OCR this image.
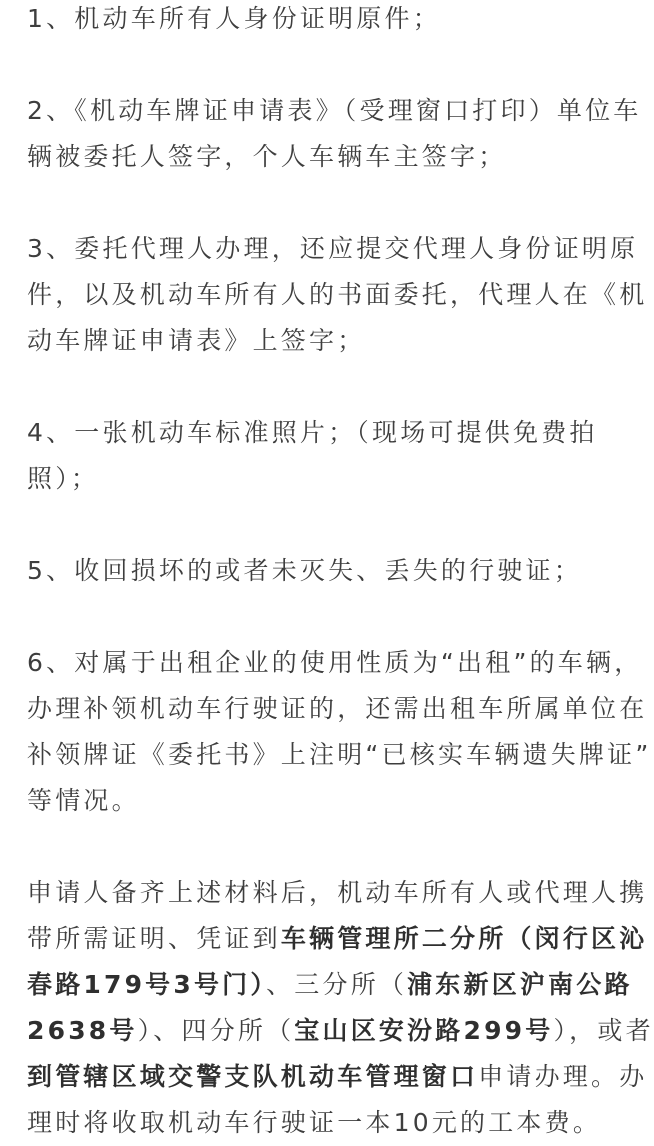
1、机动车所有人身份证明原件；

2、《机动车牌证申请表》（受理窗口打印）单位车

辆被委托人签字，个人车辆车主签字；

3、委托代理人办理，还应提交代理人身份证明原

件，以及机动车所有人的书面委托，代理人在《机

动车牌证申请表》上签字；

4、一张机动车标准照片；（现场可提供免费拍

照）；

5、收回损坏的或者未灭失、丢失的行驶证；

6、对属于出租企业的使用性质为“出租”的车辆，

办理补领机动车行驶证的，还需出租车所属单位在

补领牌证《委托书》上注明“已核实车辆遗失牌证”

等情况。

申请人备齐上述材料后，机动车所有人或代理人携

带所需证明、凭证到车辆管理所二分所（闵行区沁

春路179号3号门）、三分所（浦东新区沪南公路

2638号）、四分所（宝山区安汾路299号），或者

到管辖区域交警支队机动车管理窗口申请办理。办

理时将收取机动车行驶证一本10元的工本费。
